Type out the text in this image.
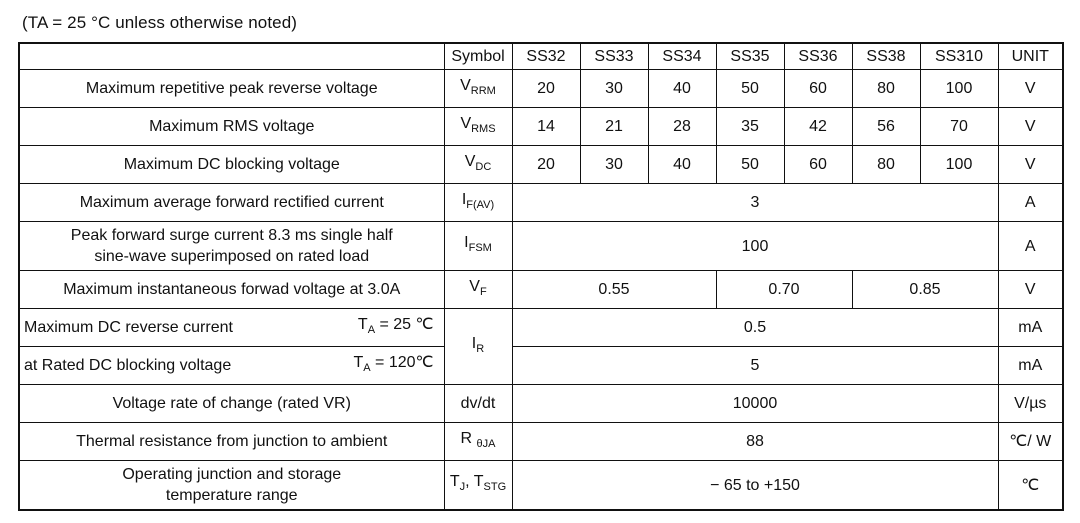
(TA = 25 °C unless otherwise noted)
	Symbol	SS32	SS33	SS34	SS35	SS36	SS38	SS310	UNIT
Maximum repetitive peak reverse voltage	$V_{RRM}$	20	30	40	50	60	80	100	V
Maximum RMS voltage	$V_{RMS}$	14	21	28	35	42	56	70	V
Maximum DC blocking voltage	$V_{DC}$	20	30	40	50	60	80	100	V
Maximum average forward rectified current	$I_{F(AV)}$	3							A

Peak forward surge current 8.3 ms single half
sine-wave superimposed on rated load	$I_{FSM}$	100							A
Maximum instantaneous forwad voltage at 3.0A	$V_F$	0.55			0.70		0.85		V

Maximum DC reverse current $T_A = 25$ ℃	$I_R$	0.5							mA

at Rated DC blocking voltage $T_A$ = 120℃		5							mA
Voltage rate of change (rated VR)	dv/dt	10000							V/µs
Thermal resistance from junction to ambient	R $_{\theta JA}$	88							℃/ W

Operating junction and storage
temperature range	$T_J$, $T_{STG}$	− 65 to +150							℃
